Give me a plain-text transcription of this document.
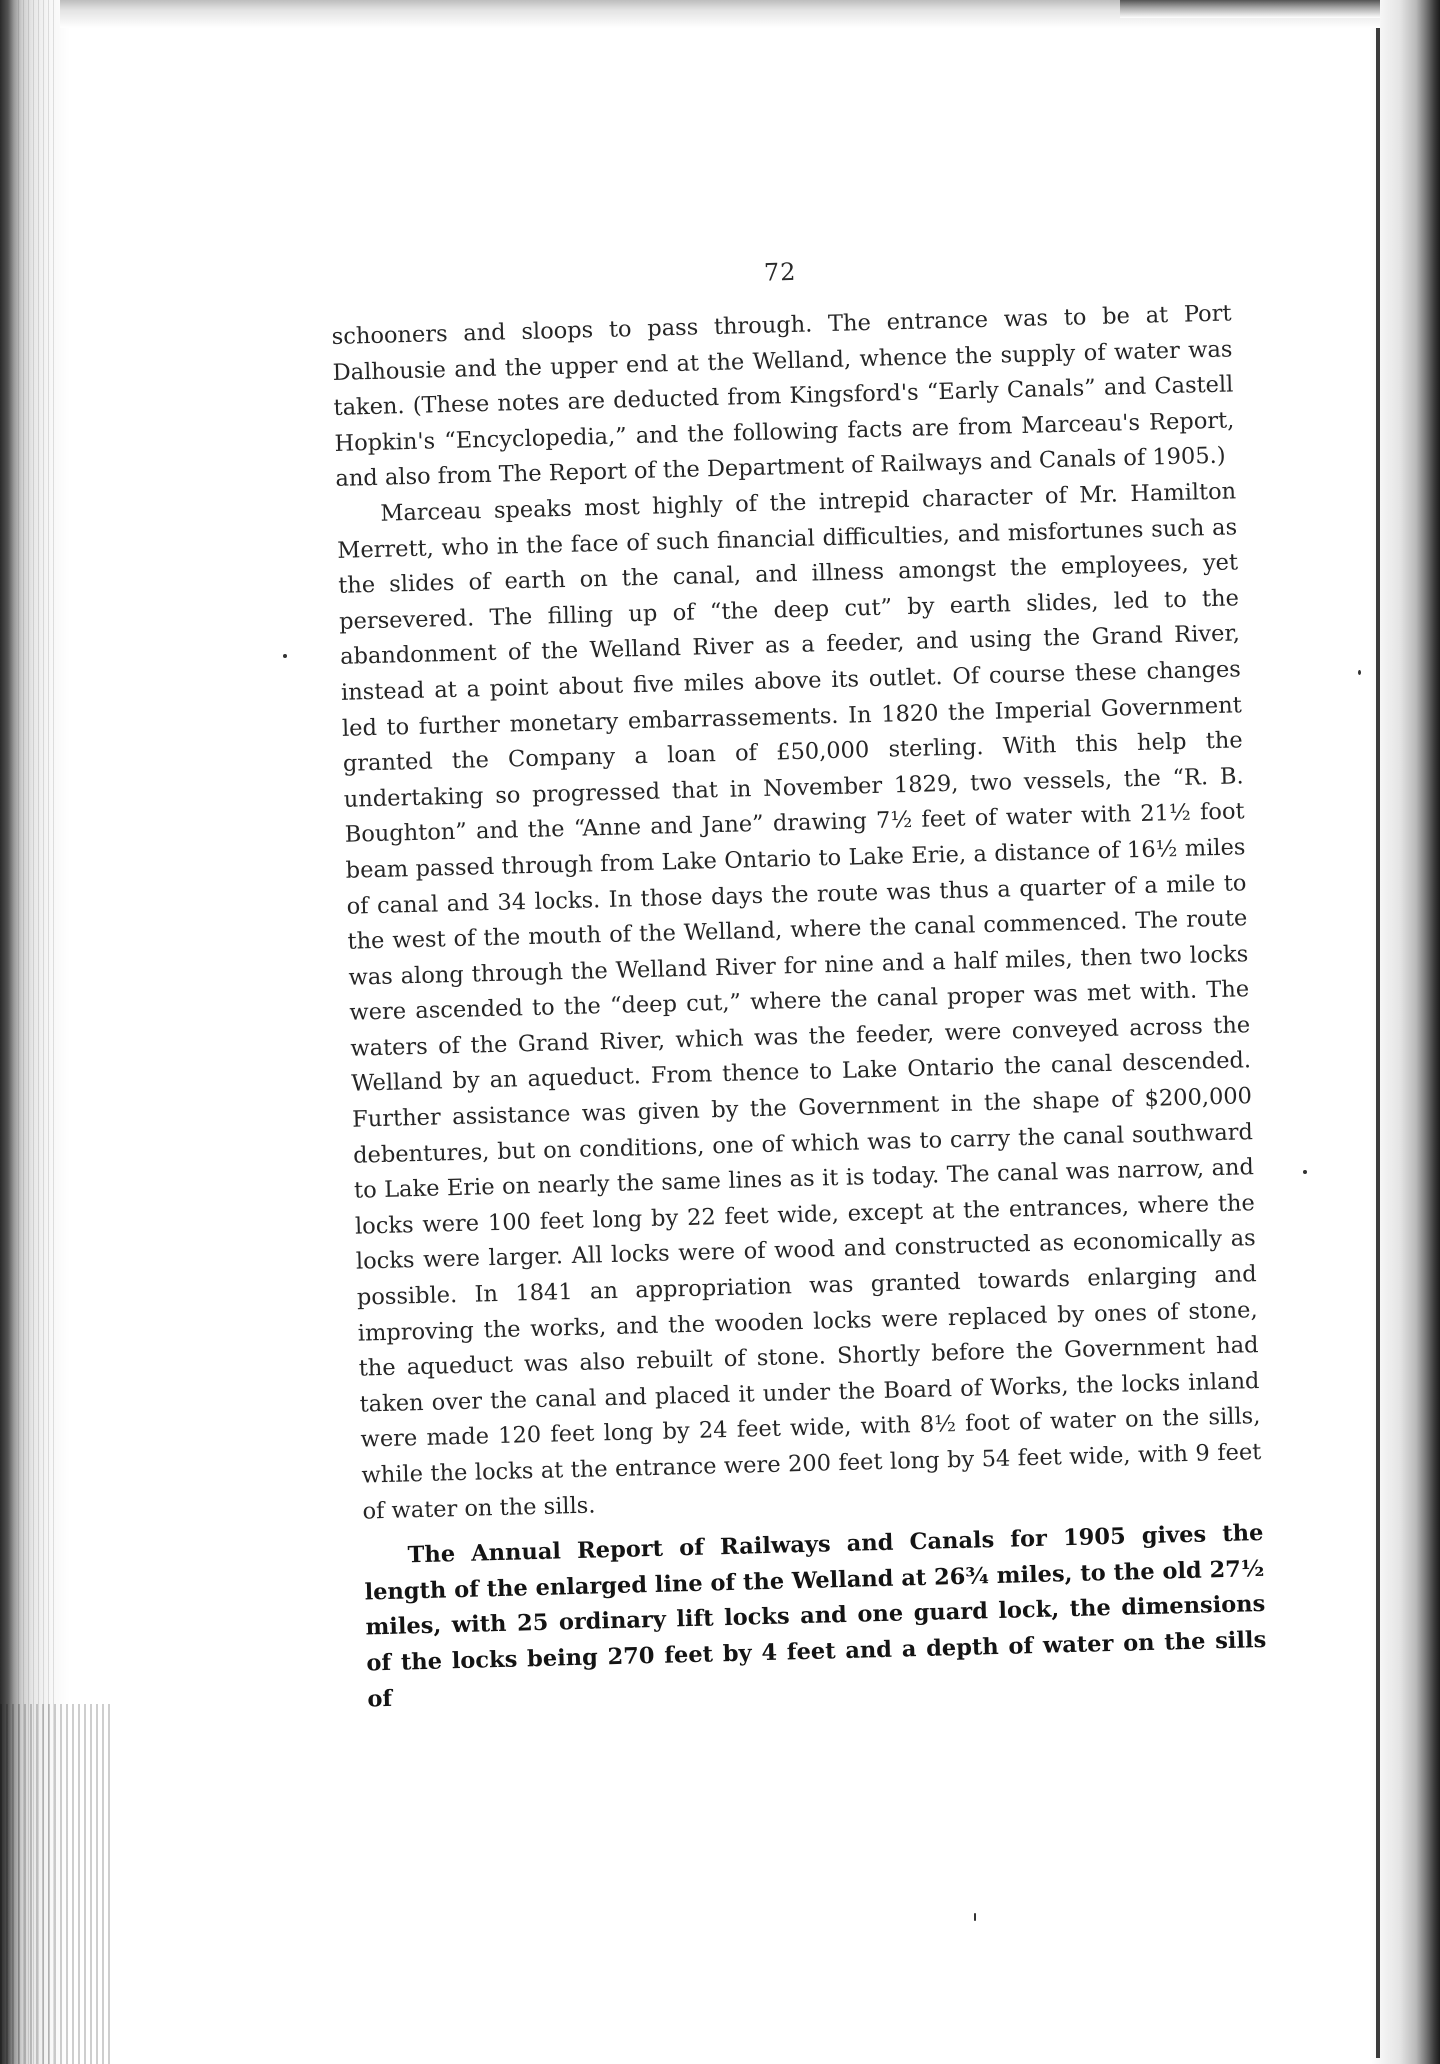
72

schooners and sloops to pass through. The entrance was to be at Port Dalhousie and the upper end at the Welland, whence the supply of water was taken. (These notes are deducted from Kingsford's “Early Canals” and Castell Hopkin's “Encyclopedia,” and the following facts are from Marceau's Report, and also from The Report of the Department of Railways and Canals of 1905.)

Marceau speaks most highly of the intrepid character of Mr. Hamilton Merrett, who in the face of such financial difficulties, and misfortunes such as the slides of earth on the canal, and illness amongst the employees, yet persevered. The filling up of “the deep cut” by earth slides, led to the abandonment of the Welland River as a feeder, and using the Grand River, instead at a point about five miles above its outlet. Of course these changes led to further monetary embarrassements. In 1820 the Imperial Government granted the Company a loan of £50,000 sterling. With this help the undertaking so progressed that in November 1829, two vessels, the “R. B. Boughton” and the “Anne and Jane” drawing 7½ feet of water with 21½ foot beam passed through from Lake Ontario to Lake Erie, a distance of 16½ miles of canal and 34 locks. In those days the route was thus a quarter of a mile to the west of the mouth of the Welland, where the canal commenced. The route was along through the Welland River for nine and a half miles, then two locks were ascended to the “deep cut,” where the canal proper was met with. The waters of the Grand River, which was the feeder, were conveyed across the Welland by an aqueduct. From thence to Lake Ontario the canal descended. Further assistance was given by the Government in the shape of $200,000 debentures, but on conditions, one of which was to carry the canal southward to Lake Erie on nearly the same lines as it is today. The canal was narrow, and locks were 100 feet long by 22 feet wide, except at the entrances, where the locks were larger. All locks were of wood and constructed as economically as possible. In 1841 an appropriation was granted towards enlarging and improving the works, and the wooden locks were replaced by ones of stone, the aqueduct was also rebuilt of stone. Shortly before the Government had taken over the canal and placed it under the Board of Works, the locks inland were made 120 feet long by 24 feet wide, with 8½ foot of water on the sills, while the locks at the entrance were 200 feet long by 54 feet wide, with 9 feet of water on the sills.

The Annual Report of Railways and Canals for 1905 gives the length of the enlarged line of the Welland at 26¾ miles, to the old 27½ miles, with 25 ordinary lift locks and one guard lock, the dimensions of the locks being 270 feet by 4 feet and a depth of water on the sills of
